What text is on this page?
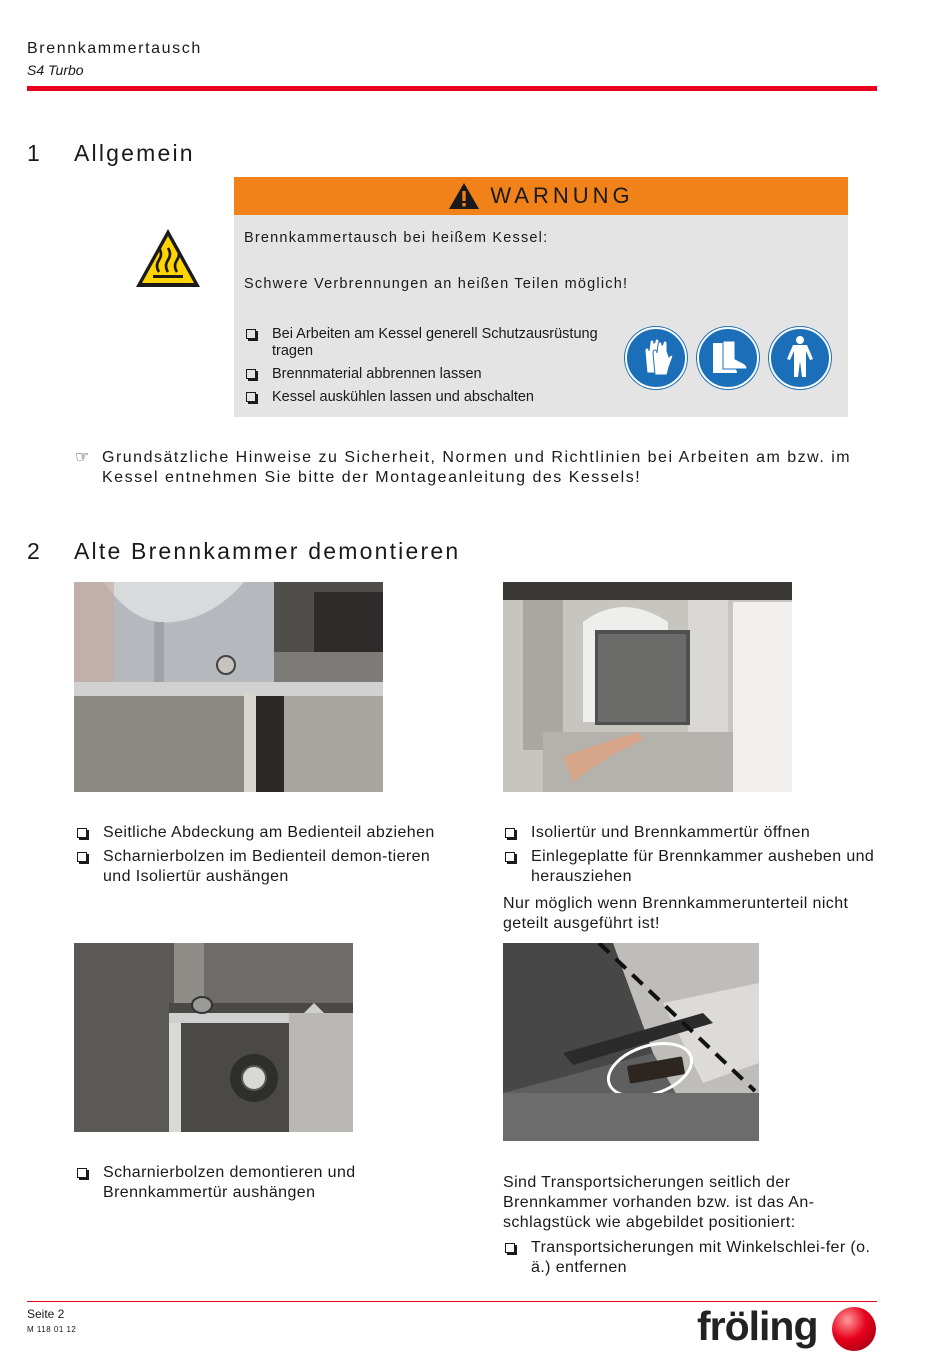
Brennkammertausch
S4 Turbo
1 Allgemein
WARNUNG
Brennkammertausch bei heißem Kessel:
Schwere Verbrennungen an heißen Teilen möglich!
Bei Arbeiten am Kessel generell Schutzausrüstung tragen
Brennmaterial abbrennen lassen
Kessel auskühlen lassen und abschalten
☞ Grundsätzliche Hinweise zu Sicherheit, Normen und Richtlinien bei Arbeiten am bzw. im Kessel entnehmen Sie bitte der Montageanleitung des Kessels!
2 Alte Brennkammer demontieren
Seitliche Abdeckung am Bedienteil abziehen
Scharnierbolzen im Bedienteil demon-tieren und Isoliertür aushängen
Isoliertür und Brennkammertür öffnen
Einlegeplatte für Brennkammer ausheben und herausziehen
Nur möglich wenn Brennkammerunterteil nicht geteilt ausgeführt ist!
Scharnierbolzen demontieren und Brennkammertür aushängen
Sind Transportsicherungen seitlich der Brennkammer vorhanden bzw. ist das An-schlagstück wie abgebildet positioniert:
Transportsicherungen mit Winkelschlei-fer (o. ä.) entfernen
Seite 2
M 118 01 12	fröling
